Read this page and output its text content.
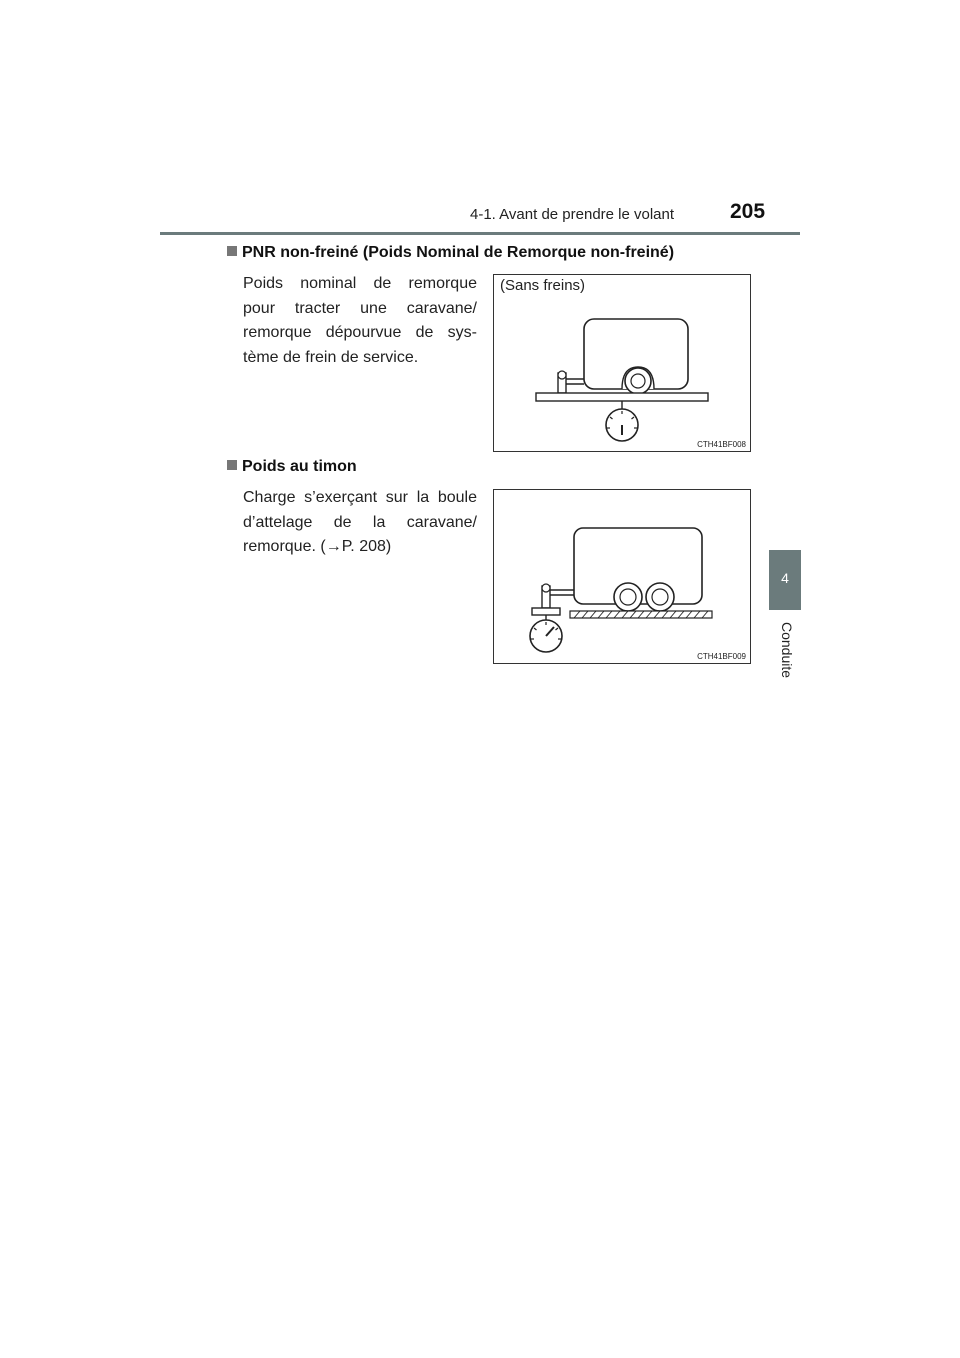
4-1. Avant de prendre le volant	205
4
Conduite
PNR non-freiné (Poids Nominal de Remorque non-freiné)
Poids nominal de remorque
pour tracter une caravane/
remorque dépourvue de sys-
tème de frein de service.
(Sans freins)
CTH41BF008
Poids au timon
Charge s’exerçant sur la boule
d’attelage de la caravane/
remorque. (→P. 208)
CTH41BF009
